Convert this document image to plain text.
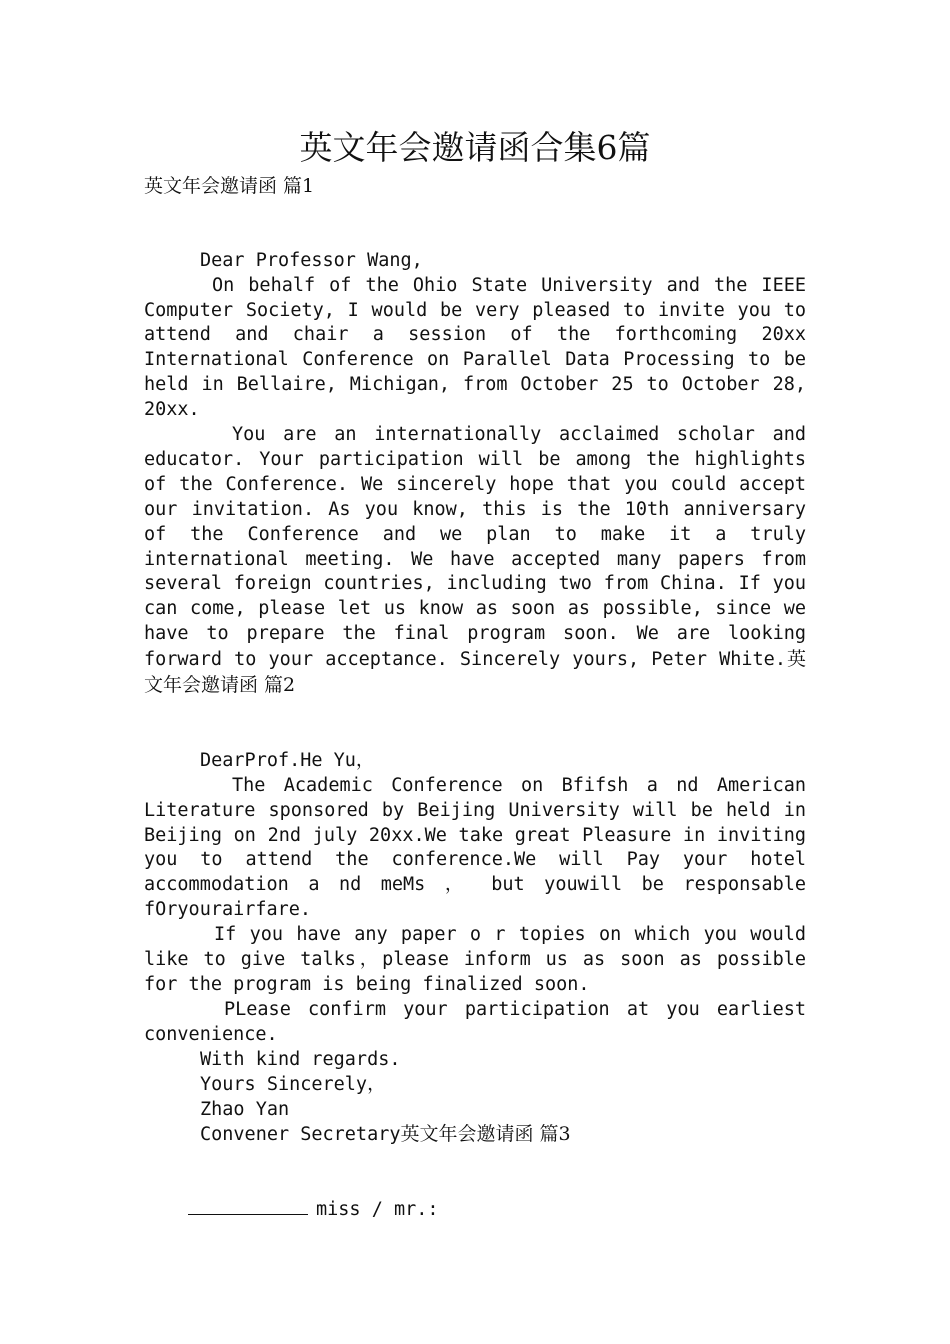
英文年会邀请函合集6篇

英文年会邀请函 篇1

Dear Professor Wang,

On behalf of the Ohio State University and the IEEE Computer Society, I would be very pleased to invite you to attend and chair a session of the forthcoming 20xx International Conference on Parallel Data Processing to be held in Bellaire, Michigan, from October 25 to October 28, 20xx.

You are an internationally acclaimed scholar and educator. Your participation will be among the highlights of the Conference. We sincerely hope that you could accept our invitation. As you know, this is the 10th anniversary of the Conference and we plan to make it a truly international meeting. We have accepted many papers from several foreign countries, including two from China. If you can come, please let us know as soon as possible, since we have to prepare the final program soon. We are looking forward to your acceptance. Sincerely yours, Peter White.英文年会邀请函 篇2

DearProf.He Yu，

The Academic Conference on Bfifsh a nd American Literature sponsored by Beijing University will be held in Beijing on 2nd july 20xx.We take great Pleasure in inviting you to attend the conference.We will Pay your hotel accommodation a nd meMs ， but youwill be responsable fOryourairfare.

If you have any paper o r topies on which you would like to give talks，please inform us as soon as possible for the program is being finalized soon.

PLease confirm your participation at you earliest convenience.

With kind regards.

Yours Sincerely，

Zhao Yan

Convener Secretary英文年会邀请函 篇3

miss / mr.:
